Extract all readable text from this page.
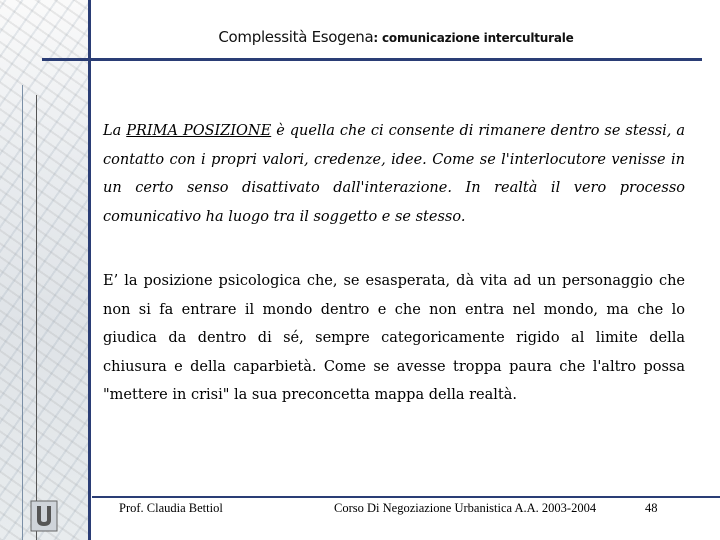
Complessità Esogena: comunicazione interculturale
La PRIMA POSIZIONE è quella che ci consente di rimanere dentro se stessi, a contatto con i propri valori, credenze, idee. Come se l'interlocutore venisse in un certo senso disattivato dall'interazione. In realtà il vero processo comunicativo ha luogo tra il soggetto e se stesso.
E’ la posizione psicologica che, se esasperata, dà vita ad un personaggio che non si fa entrare il mondo dentro e che non entra nel mondo, ma che lo giudica da dentro di sé, sempre categoricamente rigido al limite della chiusura e della caparbietà. Come se avesse troppa paura che l'altro possa "mettere in crisi" la sua preconcetta mappa della realtà.
Prof. Claudia Bettiol	Corso Di Negoziazione Urbanistica A.A. 2003-2004	48
